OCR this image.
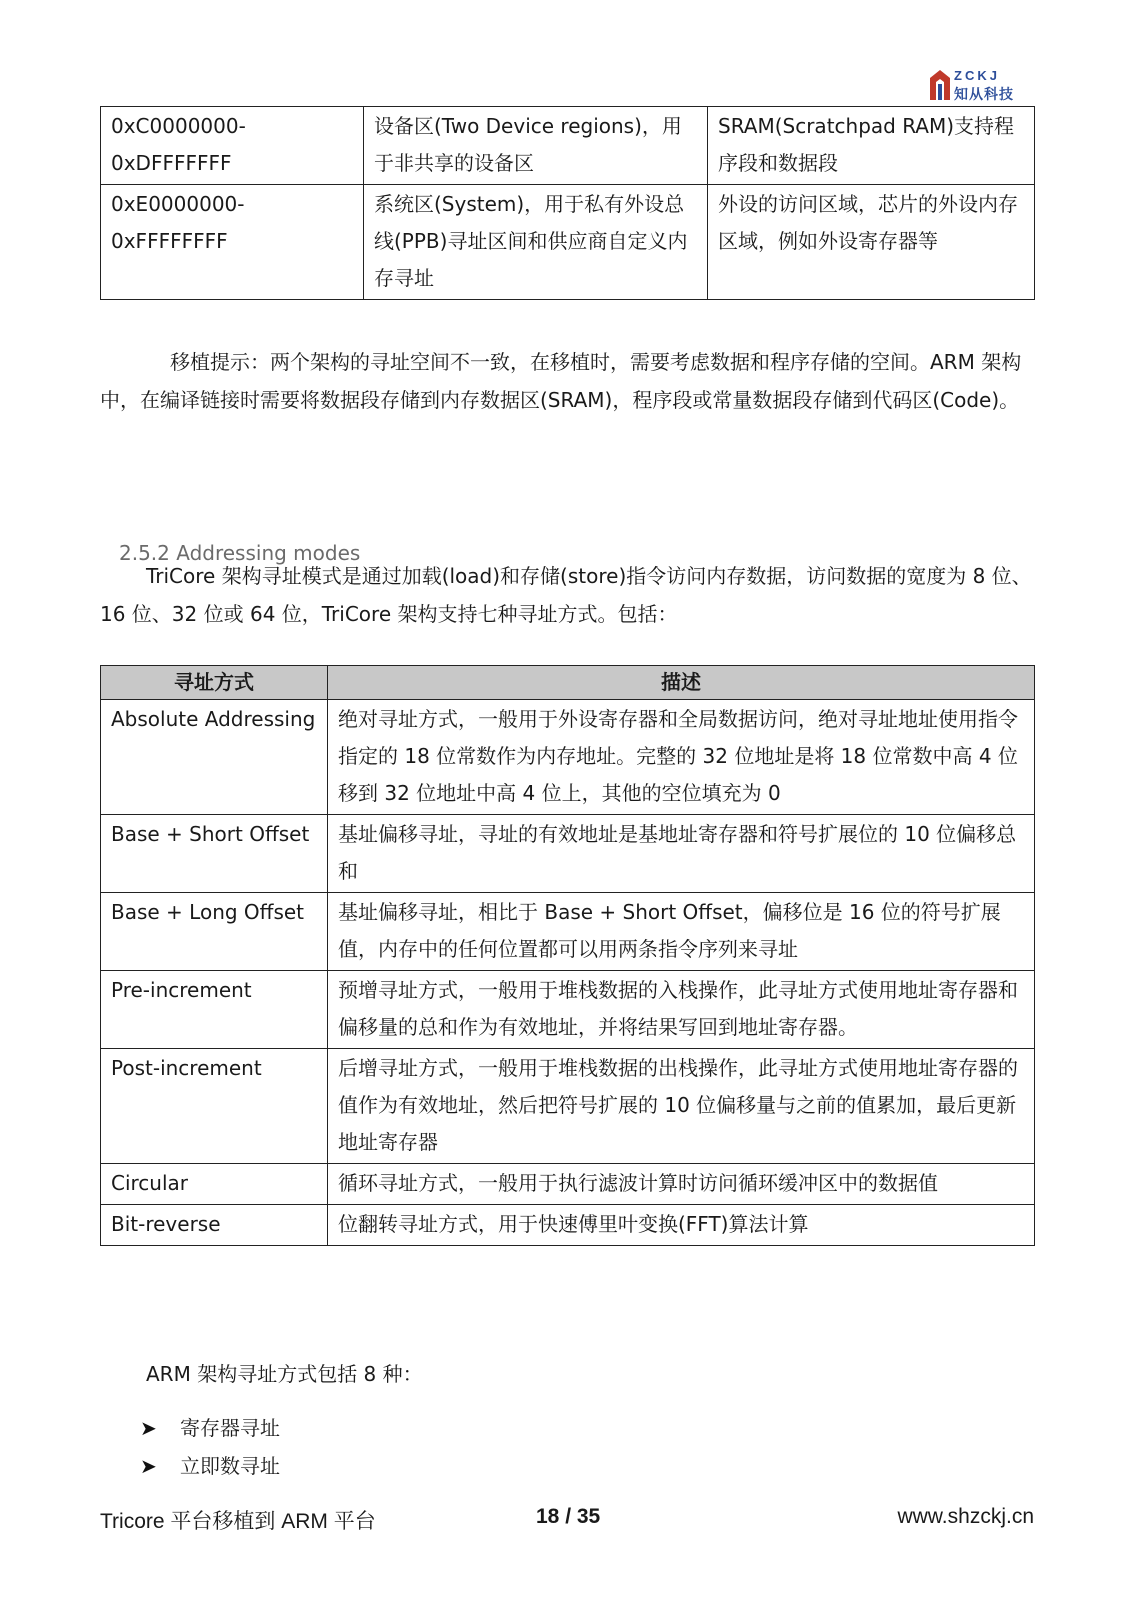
ZCKJ
知从科技
0xC0000000-0xDFFFFFFF	设备区(Two Device regions)，用于非共享的设备区	SRAM(Scratchpad RAM)支持程序段和数据段
0xE0000000-0xFFFFFFFF	系统区(System)，用于私有外设总线(PPB)寻址区间和供应商自定义内存寻址	外设的访问区域，芯片的外设内存区域，例如外设寄存器等

移植提示：两个架构的寻址空间不一致，在移植时，需要考虑数据和程序存储的空间。ARM 架构中，在编译链接时需要将数据段存储到内存数据区(SRAM)，程序段或常量数据段存储到代码区(Code)。

2.5.2 Addressing modes

TriCore 架构寻址模式是通过加载(load)和存储(store)指令访问内存数据，访问数据的宽度为 8 位、16 位、32 位或 64 位，TriCore 架构支持七种寻址方式。包括：

寻址方式	描述
Absolute Addressing	绝对寻址方式，一般用于外设寄存器和全局数据访问，绝对寻址地址使用指令指定的 18 位常数作为内存地址。完整的 32 位地址是将 18 位常数中高 4 位移到 32 位地址中高 4 位上，其他的空位填充为 0
Base + Short Offset	基址偏移寻址，寻址的有效地址是基地址寄存器和符号扩展位的 10 位偏移总和
Base + Long Offset	基址偏移寻址，相比于 Base + Short Offset，偏移位是 16 位的符号扩展值，内存中的任何位置都可以用两条指令序列来寻址
Pre-increment	预增寻址方式，一般用于堆栈数据的入栈操作，此寻址方式使用地址寄存器和偏移量的总和作为有效地址，并将结果写回到地址寄存器。
Post-increment	后增寻址方式，一般用于堆栈数据的出栈操作，此寻址方式使用地址寄存器的值作为有效地址，然后把符号扩展的 10 位偏移量与之前的值累加，最后更新地址寄存器
Circular	循环寻址方式，一般用于执行滤波计算时访问循环缓冲区中的数据值
Bit-reverse	位翻转寻址方式，用于快速傅里叶变换(FFT)算法计算

ARM 架构寻址方式包括 8 种：

➤	寄存器寻址
➤	立即数寻址
Tricore 平台移植到 ARM 平台	18 / 35	www.shzckj.cn
